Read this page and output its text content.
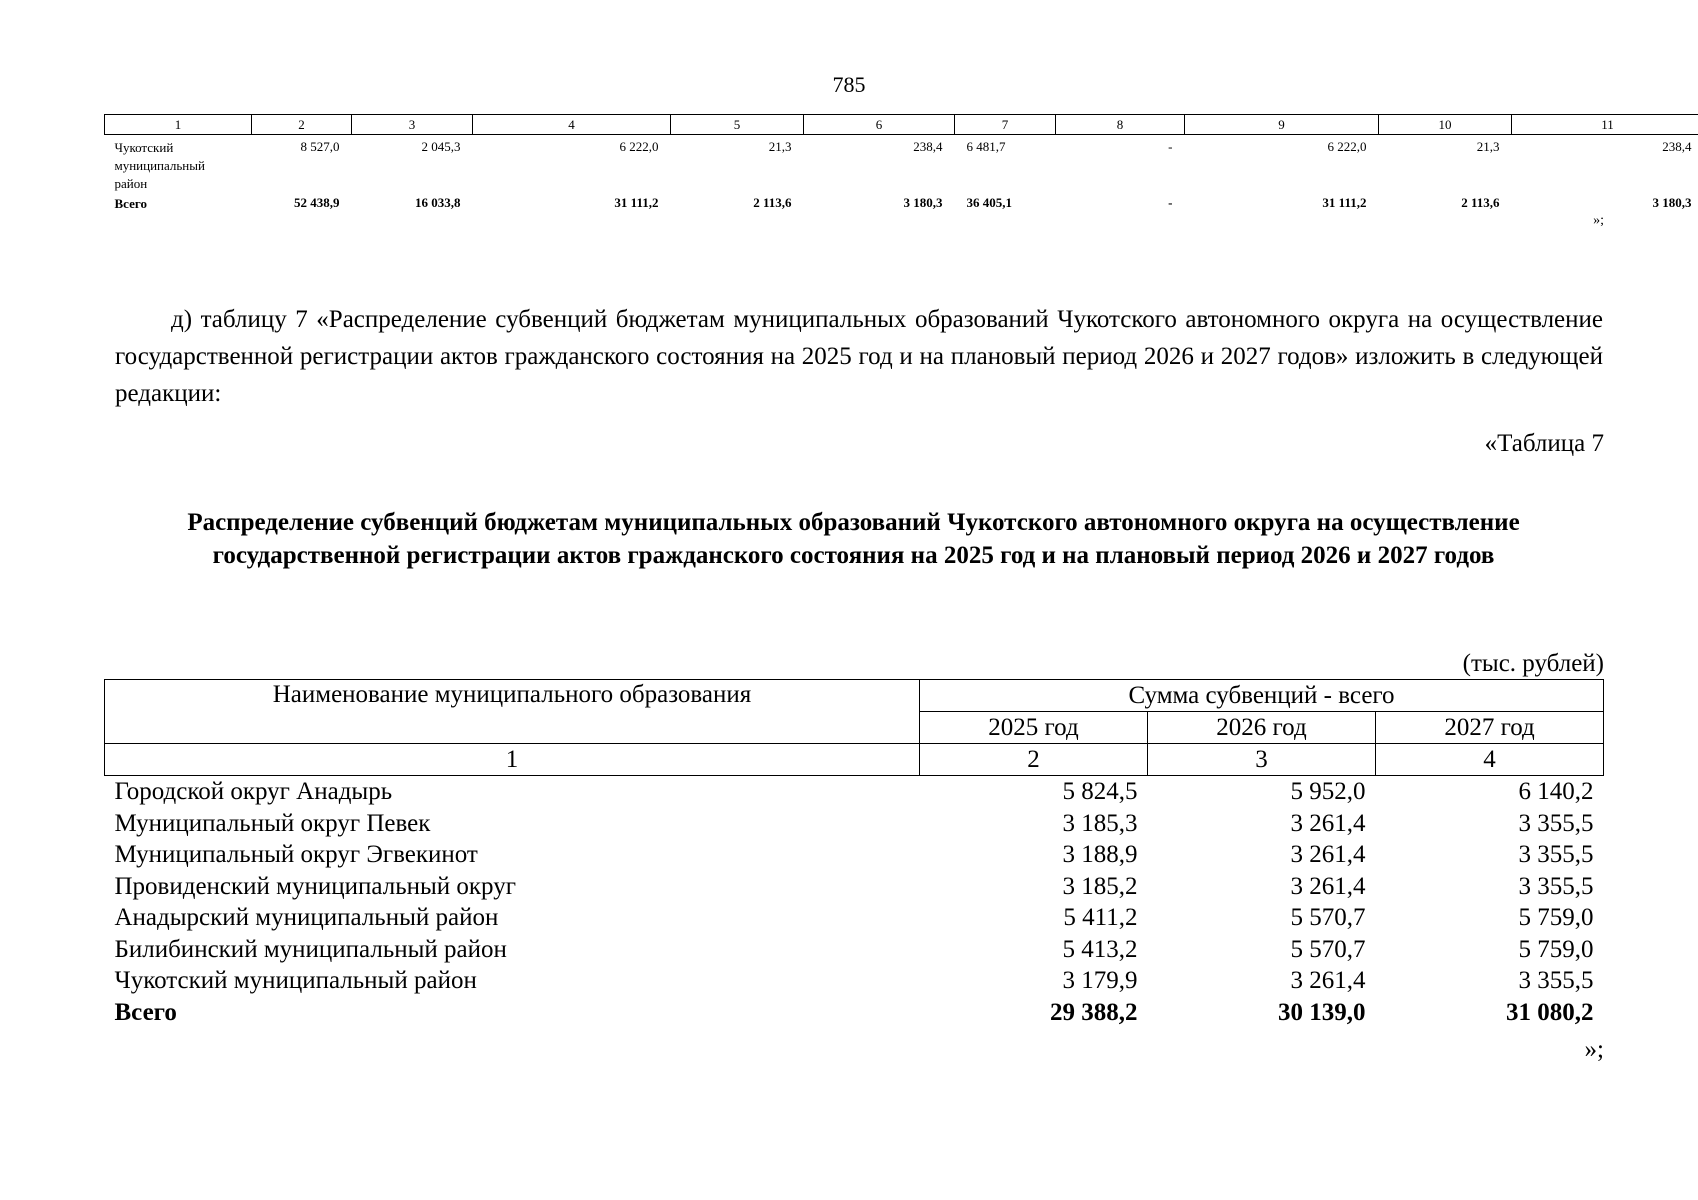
785
1	2	3	4	5	6	7	8	9	10	11
Чукотский муниципальный район	8 527,0	2 045,3	6 222,0	21,3	238,4	6 481,7	-	6 222,0	21,3	238,4
Всего	52 438,9	16 033,8	31 111,2	2 113,6	3 180,3	36 405,1	-	31 111,2	2 113,6	3 180,3
»;

д) таблицу 7 «Распределение субвенций бюджетам муниципальных образований Чукотского автономного округа на осуществление государственной регистрации актов гражданского состояния на 2025 год и на плановый период 2026 и 2027 годов» изложить в следующей редакции:

«Таблица 7
Распределение субвенций бюджетам муниципальных образований Чукотского автономного округа на осуществление государственной регистрации актов гражданского состояния на 2025 год и на плановый период 2026 и 2027 годов
(тыс. рублей)
Наименование муниципального образования	Сумма субвенций - всего		
	2025 год	2026 год	2027 год
1	2	3	4
Городской округ Анадырь	5 824,5	5 952,0	6 140,2
Муниципальный округ Певек	3 185,3	3 261,4	3 355,5
Муниципальный округ Эгвекинот	3 188,9	3 261,4	3 355,5
Провиденский муниципальный округ	3 185,2	3 261,4	3 355,5
Анадырский муниципальный район	5 411,2	5 570,7	5 759,0
Билибинский муниципальный район	5 413,2	5 570,7	5 759,0
Чукотский муниципальный район	3 179,9	3 261,4	3 355,5
Всего	29 388,2	30 139,0	31 080,2
»;
